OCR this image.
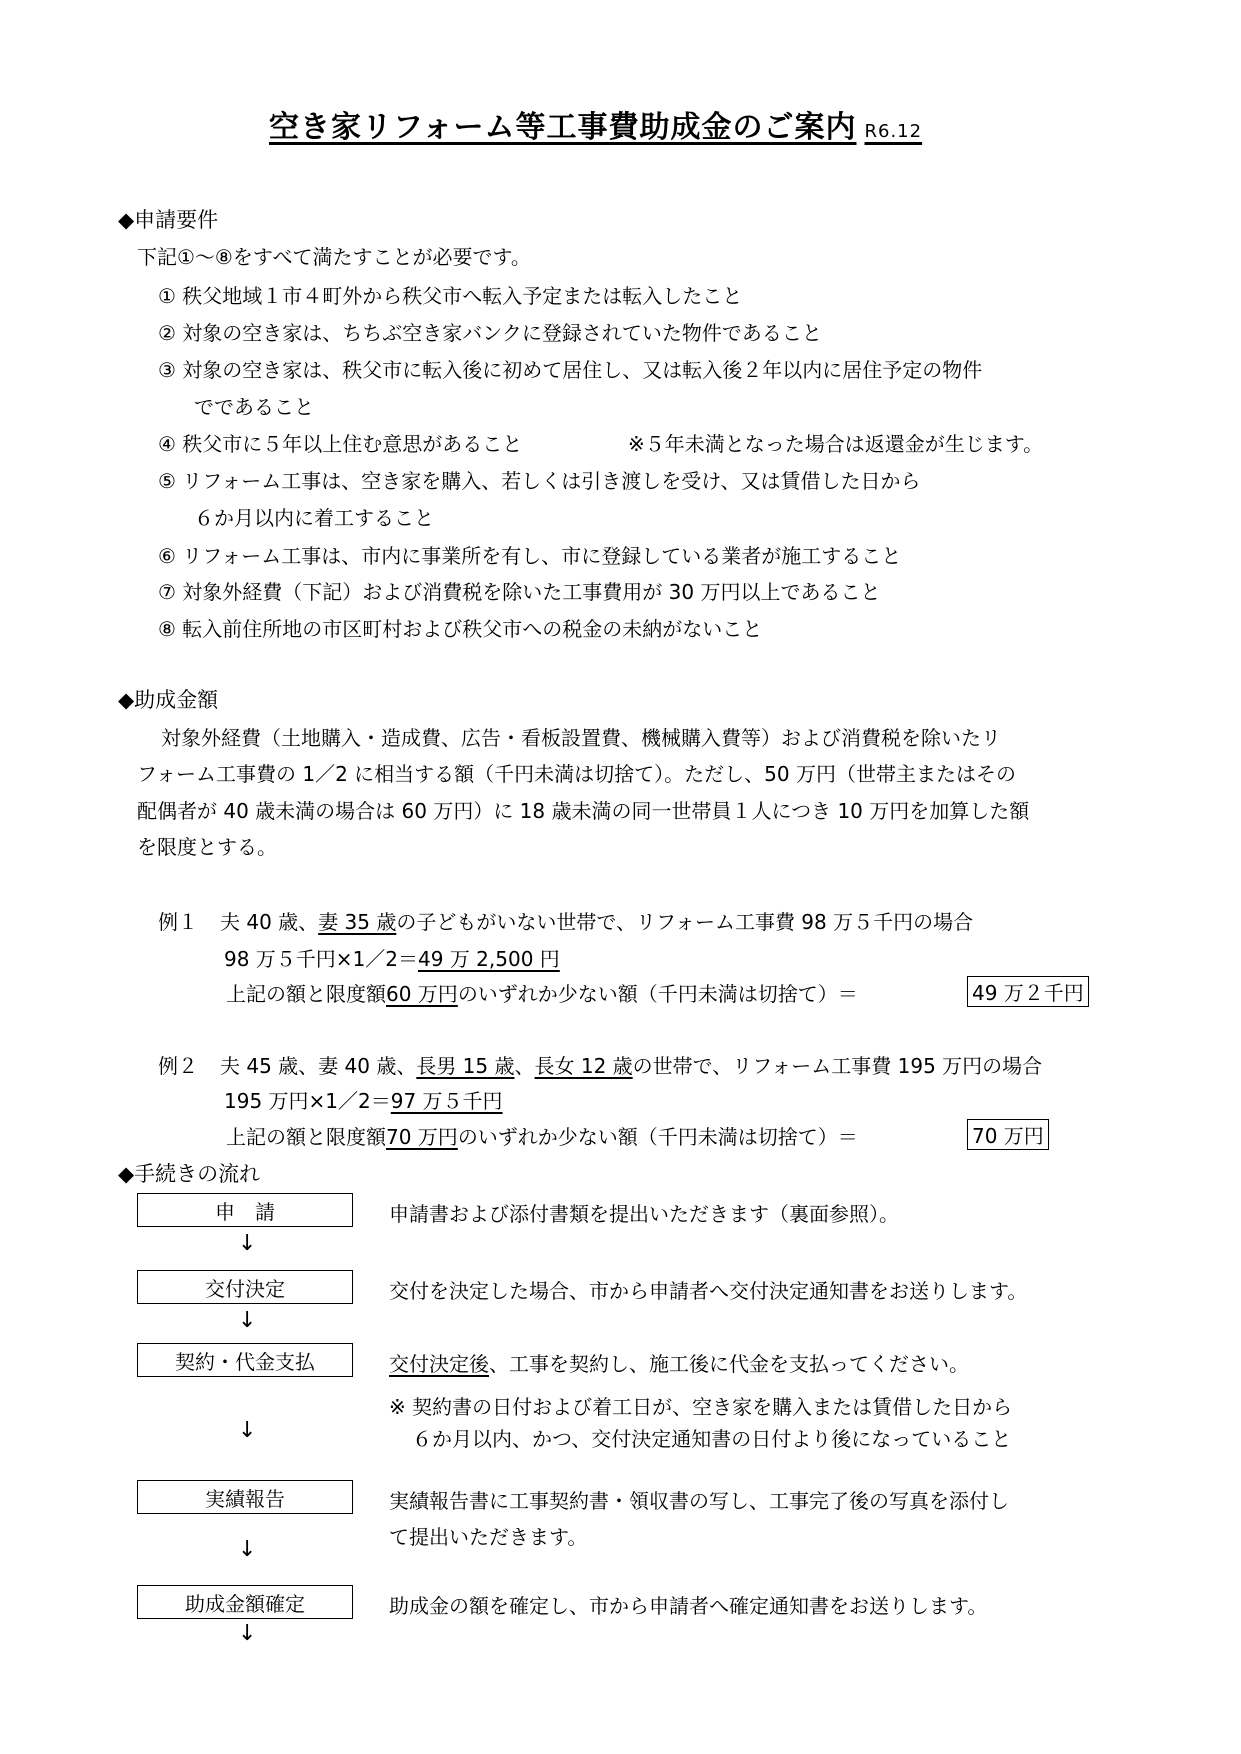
空き家リフォーム等工事費助成金のご案内 R6.12
◆申請要件
下記①～⑧をすべて満たすことが必要です。
① 秩父地域１市４町外から秩父市へ転入予定または転入したこと
② 対象の空き家は、ちちぶ空き家バンクに登録されていた物件であること
③ 対象の空き家は、秩父市に転入後に初めて居住し、又は転入後２年以内に居住予定の物件
でであること
④ 秩父市に５年以上住む意思があること	※５年未満となった場合は返還金が生じます。
⑤ リフォーム工事は、空き家を購入、若しくは引き渡しを受け、又は賃借した日から
６か月以内に着工すること
⑥ リフォーム工事は、市内に事業所を有し、市に登録している業者が施工すること
⑦ 対象外経費（下記）および消費税を除いた工事費用が 30 万円以上であること
⑧ 転入前住所地の市区町村および秩父市への税金の未納がないこと
◆助成金額
対象外経費（土地購入・造成費、広告・看板設置費、機械購入費等）および消費税を除いたリ
フォーム工事費の 1／2 に相当する額（千円未満は切捨て）。ただし、50 万円（世帯主またはその
配偶者が 40 歳未満の場合は 60 万円）に 18 歳未満の同一世帯員１人につき 10 万円を加算した額
を限度とする。
例１ 夫 40 歳、妻 35 歳の子どもがいない世帯で、リフォーム工事費 98 万５千円の場合
98 万５千円×1／2＝49 万 2,500 円
上記の額と限度額60 万円のいずれか少ない額（千円未満は切捨て）＝	49 万２千円
例２ 夫 45 歳、妻 40 歳、長男 15 歳、長女 12 歳の世帯で、リフォーム工事費 195 万円の場合
195 万円×1／2＝97 万５千円
上記の額と限度額70 万円のいずれか少ない額（千円未満は切捨て）＝	70 万円
◆手続きの流れ
申　請	申請書および添付書類を提出いただきます（裏面参照）。
↓
交付決定	交付を決定した場合、市から申請者へ交付決定通知書をお送りします。
↓
契約・代金支払	交付決定後、工事を契約し、施工後に代金を支払ってください。
※ 契約書の日付および着工日が、空き家を購入または賃借した日から
６か月以内、かつ、交付決定通知書の日付より後になっていること
↓
実績報告	実績報告書に工事契約書・領収書の写し、工事完了後の写真を添付し
て提出いただきます。
↓
助成金額確定	助成金の額を確定し、市から申請者へ確定通知書をお送りします。
↓
